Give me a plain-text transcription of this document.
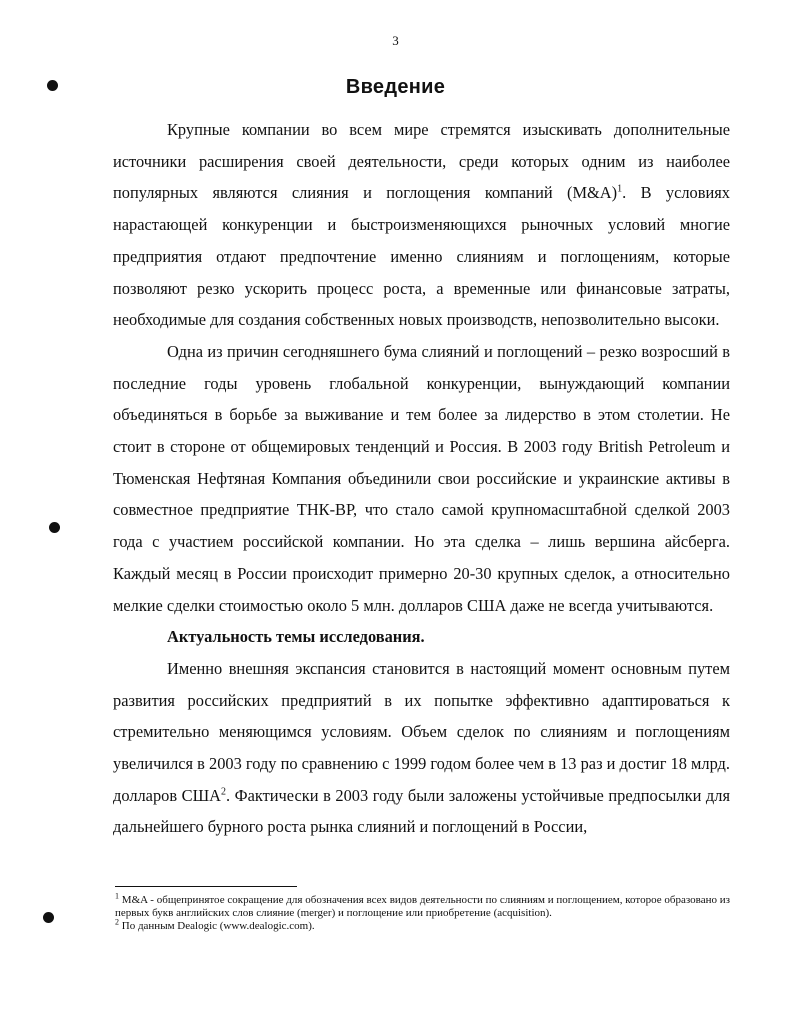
3
Введение

Крупные компании во всем мире стремятся изыскивать дополнительные источники расширения своей деятельности, среди которых одним из наиболее популярных являются слияния и поглощения компаний (M&A)$^1$. В условиях нарастающей конкуренции и быстроизменяющихся рыночных условий многие предприятия отдают предпочтение именно слияниям и поглощениям, которые позволяют резко ускорить процесс роста, а временные или финансовые затраты, необходимые для создания собственных новых производств, непозволительно высоки.

Одна из причин сегодняшнего бума слияний и поглощений – резко возросший в последние годы уровень глобальной конкуренции, вынуждающий компании объединяться в борьбе за выживание и тем более за лидерство в этом столетии. Не стоит в стороне от общемировых тенденций и Россия. В 2003 году British Petroleum и Тюменская Нефтяная Компания объединили свои российские и украинские активы в совместное предприятие ТНК-ВР, что стало самой крупномасштабной сделкой 2003 года с участием российской компании. Но эта сделка – лишь вершина айсберга. Каждый месяц в России происходит примерно 20-30 крупных сделок, а относительно мелкие сделки стоимостью около 5 млн. долларов США даже не всегда учитываются.

Актуальность темы исследования.

Именно внешняя экспансия становится в настоящий момент основным путем развития российских предприятий в их попытке эффективно адаптироваться к стремительно меняющимся условиям. Объем сделок по слияниям и поглощениям увеличился в 2003 году по сравнению с 1999 годом более чем в 13 раз и достиг 18 млрд. долларов США$^2$. Фактически в 2003 году были заложены устойчивые предпосылки для дальнейшего бурного роста рынка слияний и поглощений в России,

$^1$ M&A - общепринятое сокращение для обозначения всех видов деятельности по слияниям и поглощением, которое образовано из первых букв английских слов слияние (merger) и поглощение или приобретение (acquisition).

$^2$ По данным Dealogic (www.dealogic.com).
